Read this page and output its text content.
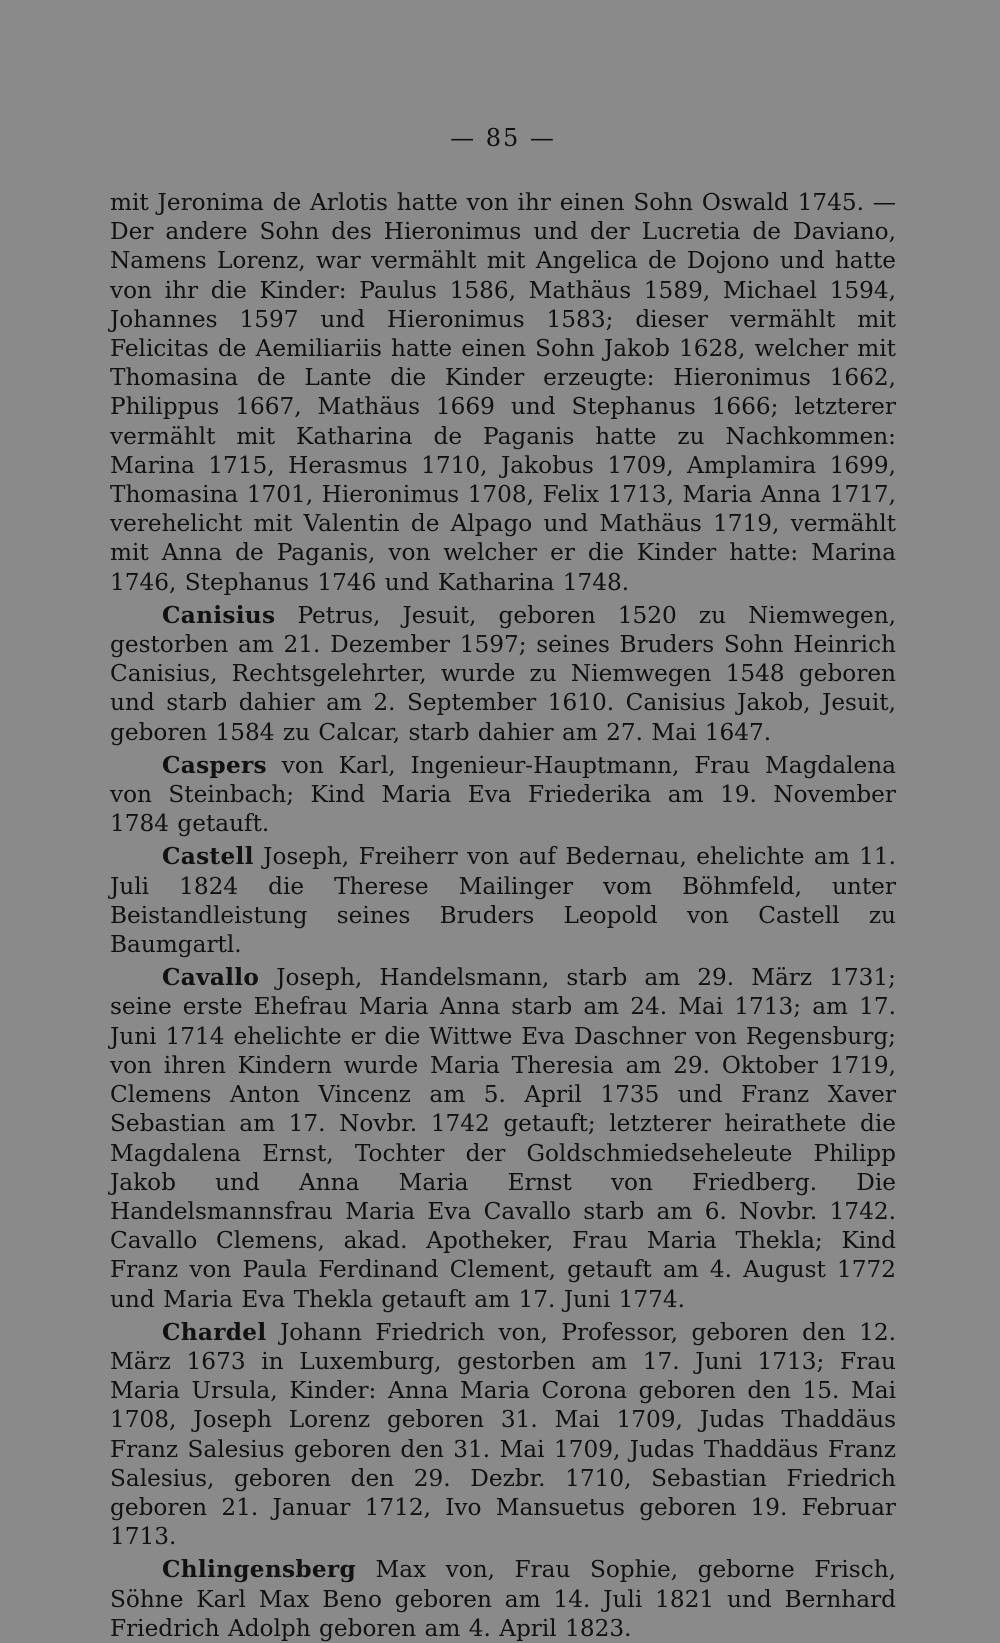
— 85 —

mit Jeronima de Arlotis hatte von ihr einen Sohn Oswald 1745. — Der andere Sohn des Hieronimus und der Lucretia de Daviano, Namens Lorenz, war vermählt mit Angelica de Dojono und hatte von ihr die Kinder: Paulus 1586, Mathäus 1589, Michael 1594, Johannes 1597 und Hieronimus 1583; dieser vermählt mit Felicitas de Aemiliariis hatte einen Sohn Jakob 1628, welcher mit Thomasina de Lante die Kinder erzeugte: Hieronimus 1662, Philippus 1667, Mathäus 1669 und Stephanus 1666; letzterer vermählt mit Katharina de Paganis hatte zu Nachkommen: Marina 1715, Herasmus 1710, Jakobus 1709, Amplamira 1699, Thomasina 1701, Hieronimus 1708, Felix 1713, Maria Anna 1717, verehelicht mit Valentin de Alpago und Mathäus 1719, vermählt mit Anna de Paganis, von welcher er die Kinder hatte: Marina 1746, Stephanus 1746 und Katharina 1748.

Canisius Petrus, Jesuit, geboren 1520 zu Niemwegen, gestorben am 21. Dezember 1597; seines Bruders Sohn Heinrich Canisius, Rechtsgelehrter, wurde zu Niemwegen 1548 geboren und starb dahier am 2. September 1610. Canisius Jakob, Jesuit, geboren 1584 zu Calcar, starb dahier am 27. Mai 1647.

Caspers von Karl, Ingenieur-Hauptmann, Frau Magdalena von Steinbach; Kind Maria Eva Friederika am 19. November 1784 getauft.

Castell Joseph, Freiherr von auf Bedernau, ehelichte am 11. Juli 1824 die Therese Mailinger vom Böhmfeld, unter Beistandleistung seines Bruders Leopold von Castell zu Baumgartl.

Cavallo Joseph, Handelsmann, starb am 29. März 1731; seine erste Ehefrau Maria Anna starb am 24. Mai 1713; am 17. Juni 1714 ehelichte er die Wittwe Eva Daschner von Regensburg; von ihren Kindern wurde Maria Theresia am 29. Oktober 1719, Clemens Anton Vincenz am 5. April 1735 und Franz Xaver Sebastian am 17. Novbr. 1742 getauft; letzterer heirathete die Magdalena Ernst, Tochter der Goldschmiedseheleute Philipp Jakob und Anna Maria Ernst von Friedberg. Die Handelsmannsfrau Maria Eva Cavallo starb am 6. Novbr. 1742. Cavallo Clemens, akad. Apotheker, Frau Maria Thekla; Kind Franz von Paula Ferdinand Clement, getauft am 4. August 1772 und Maria Eva Thekla getauft am 17. Juni 1774.

Chardel Johann Friedrich von, Professor, geboren den 12. März 1673 in Luxemburg, gestorben am 17. Juni 1713; Frau Maria Ursula, Kinder: Anna Maria Corona geboren den 15. Mai 1708, Joseph Lorenz geboren 31. Mai 1709, Judas Thaddäus Franz Salesius geboren den 31. Mai 1709, Judas Thaddäus Franz Salesius, geboren den 29. Dezbr. 1710, Sebastian Friedrich geboren 21. Januar 1712, Ivo Mansuetus geboren 19. Februar 1713.

Chlingensberg Max von, Frau Sophie, geborne Frisch, Söhne Karl Max Beno geboren am 14. Juli 1821 und Bernhard Friedrich Adolph geboren am 4. April 1823.
